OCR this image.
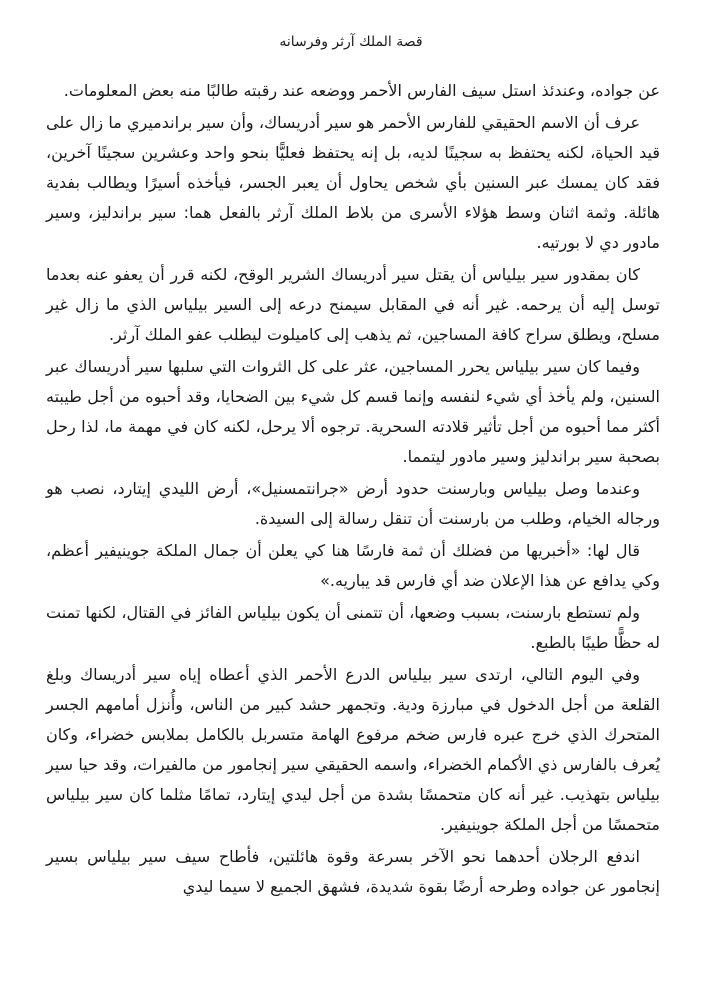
قصة الملك آرثر وفرسانه

عن جواده، وعندئذ استل سيف الفارس الأحمر ووضعه عند رقبته طالبًا منه بعض المعلومات.

عرف أن الاسم الحقيقي للفارس الأحمر هو سير أدريساك، وأن سير براندميري ما زال على قيد الحياة، لكنه يحتفظ به سجينًا لديه، بل إنه يحتفظ فعليًّا بنحو واحد وعشرين سجينًا آخرين، فقد كان يمسك عبر السنين بأي شخص يحاول أن يعبر الجسر، فيأخذه أسيرًا ويطالب بفدية هائلة. وثمة اثنان وسط هؤلاء الأسرى من بلاط الملك آرثر بالفعل هما: سير براندليز، وسير مادور دي لا بورتيه.

كان بمقدور سير بيلياس أن يقتل سير أدريساك الشرير الوقح، لكنه قرر أن يعفو عنه بعدما توسل إليه أن يرحمه. غير أنه في المقابل سيمنح درعه إلى السير بيلياس الذي ما زال غير مسلح، ويطلق سراح كافة المساجين، ثم يذهب إلى كاميلوت ليطلب عفو الملك آرثر.

وفيما كان سير بيلياس يحرر المساجين، عثر على كل الثروات التي سلبها سير أدريساك عبر السنين، ولم يأخذ أي شيء لنفسه وإنما قسم كل شيء بين الضحايا، وقد أحبوه من أجل طيبته أكثر مما أحبوه من أجل تأثير قلادته السحرية. ترجوه ألا يرحل، لكنه كان في مهمة ما، لذا رحل بصحبة سير براندليز وسير مادور ليتمما.

وعندما وصل بيلياس وبارسنت حدود أرض «جرانتمسنيل»، أرض الليدي إيتارد، نصب هو ورجاله الخيام، وطلب من بارسنت أن تنقل رسالة إلى السيدة.

قال لها: «أخبريها من فضلك أن ثمة فارسًا هنا كي يعلن أن جمال الملكة جوينيفير أعظم، وكي يدافع عن هذا الإعلان ضد أي فارس قد يباريه.»

ولم تستطع بارسنت، بسبب وضعها، أن تتمنى أن يكون بيلياس الفائز في القتال، لكنها تمنت له حظًّا طيبًا بالطبع.

وفي اليوم التالي، ارتدى سير بيلياس الدرع الأحمر الذي أعطاه إياه سير أدريساك وبلغ القلعة من أجل الدخول في مبارزة ودية. وتجمهر حشد كبير من الناس، وأُنزل أمامهم الجسر المتحرك الذي خرج عبره فارس ضخم مرفوع الهامة متسربل بالكامل بملابس خضراء، وكان يُعرف بالفارس ذي الأكمام الخضراء، واسمه الحقيقي سير إنجامور من مالفيرات، وقد حيا سير بيلياس بتهذيب. غير أنه كان متحمسًا بشدة من أجل ليدي إيتارد، تمامًا مثلما كان سير بيلياس متحمسًا من أجل الملكة جوينيفير.

اندفع الرجلان أحدهما نحو الآخر بسرعة وقوة هائلتين، فأطاح سيف سير بيلياس بسير إنجامور عن جواده وطرحه أرضًا بقوة شديدة، فشهق الجميع لا سيما ليدي
